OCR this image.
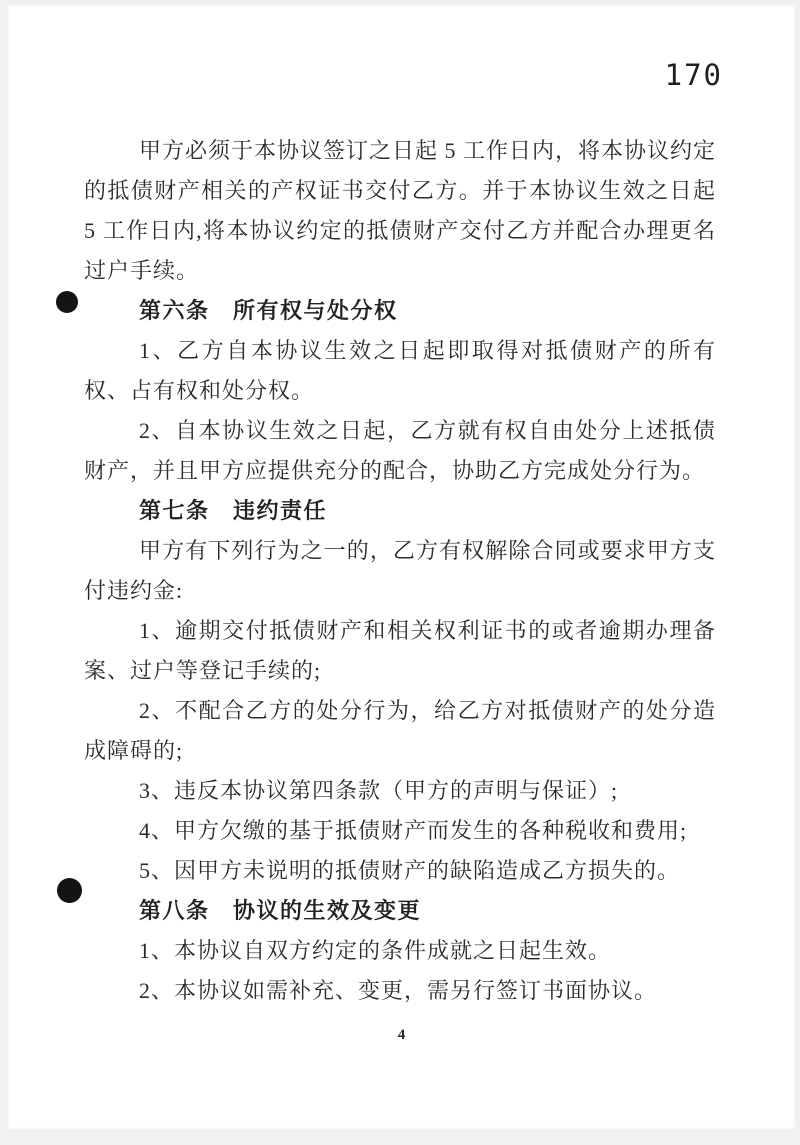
170

甲方必须于本协议签订之日起 5 工作日内，将本协议约定的抵债财产相关的产权证书交付乙方。并于本协议生效之日起 5 工作日内,将本协议约定的抵债财产交付乙方并配合办理更名过户手续。

第六条　所有权与处分权

1、乙方自本协议生效之日起即取得对抵债财产的所有权、占有权和处分权。

2、自本协议生效之日起，乙方就有权自由处分上述抵债财产，并且甲方应提供充分的配合，协助乙方完成处分行为。

第七条　违约责任

甲方有下列行为之一的，乙方有权解除合同或要求甲方支付违约金:

1、逾期交付抵债财产和相关权利证书的或者逾期办理备案、过户等登记手续的;

2、不配合乙方的处分行为，给乙方对抵债财产的处分造成障碍的;

3、违反本协议第四条款（甲方的声明与保证）;

4、甲方欠缴的基于抵债财产而发生的各种税收和费用;

5、因甲方未说明的抵债财产的缺陷造成乙方损失的。

第八条　协议的生效及变更

1、本协议自双方约定的条件成就之日起生效。

2、本协议如需补充、变更，需另行签订书面协议。

4
